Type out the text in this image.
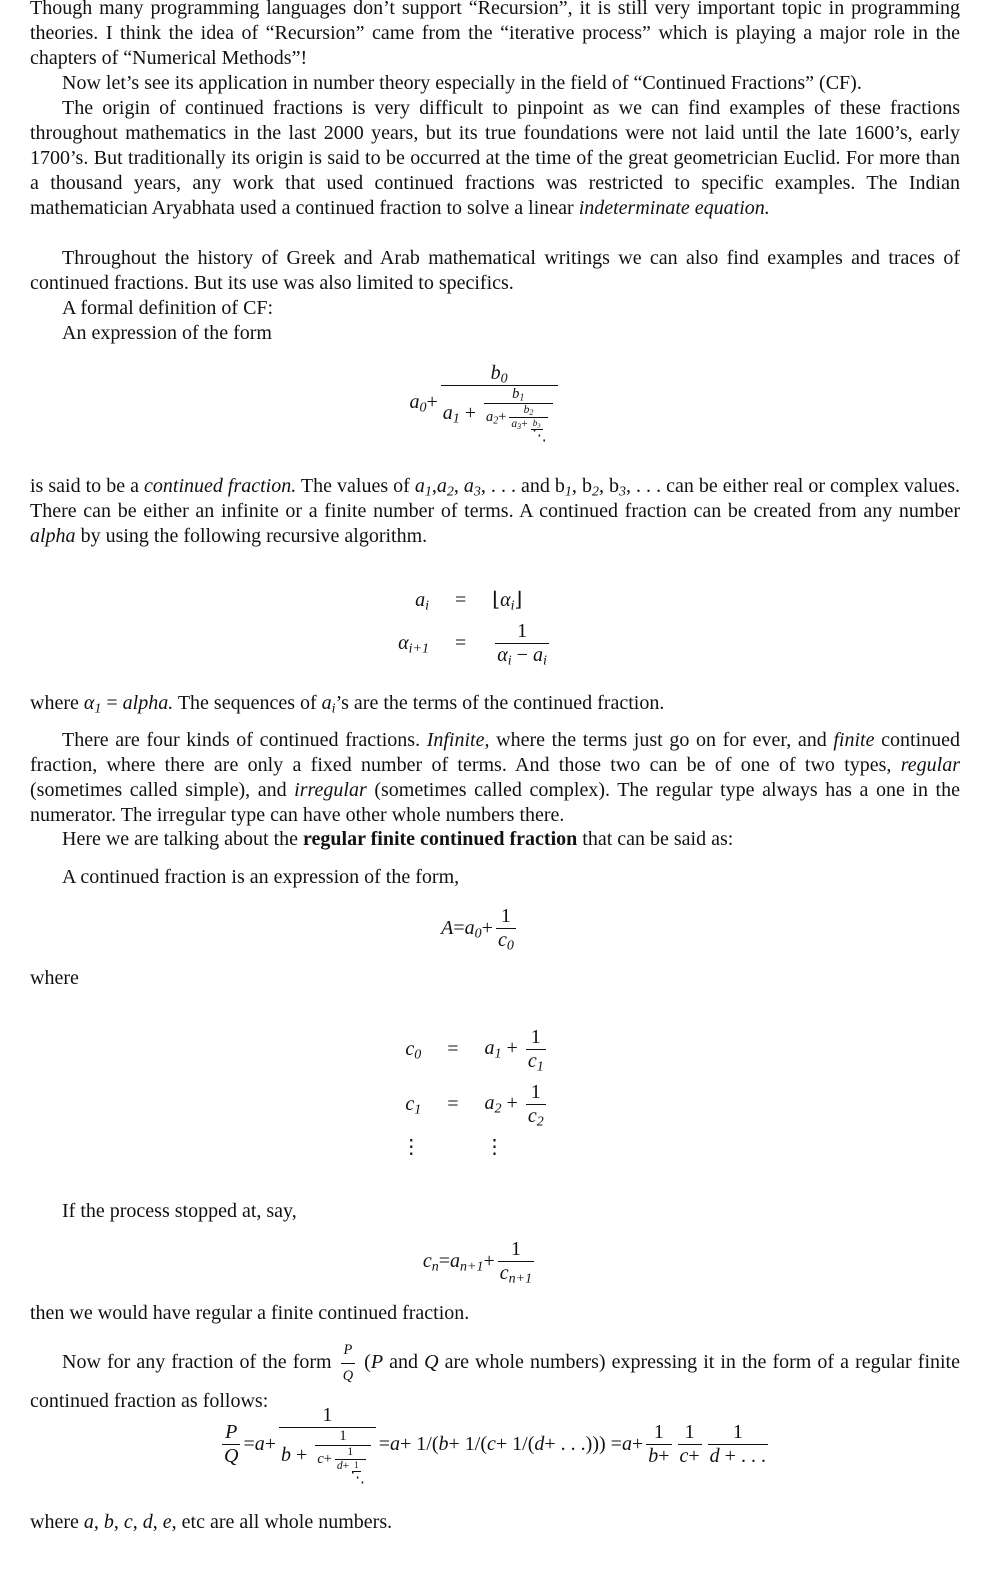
Though many programming languages don’t support “Recursion”, it is still very important topic in programming theories. I think the idea of “Recursion” came from the “iterative process” which is playing a major role in the chapters of “Numerical Methods”!
Now let’s see its application in number theory especially in the field of “Continued Fractions” (CF).
The origin of continued fractions is very difficult to pinpoint as we can find examples of these fractions throughout mathematics in the last 2000 years, but its true foundations were not laid until the late 1600’s, early 1700’s. But traditionally its origin is said to be occurred at the time of the great geometrician Euclid. For more than a thousand years, any work that used continued fractions was restricted to specific examples. The Indian mathematician Aryabhata used a continued fraction to solve a linear indeterminate equation.
Throughout the history of Greek and Arab mathematical writings we can also find examples and traces of continued fractions. But its use was also limited to specifics.
A formal definition of CF:
An expression of the form
$a_0 + b_0$
$a_1$ +
$b_1$
$a_2+ \frac{b_2}{a_3+ b_3}$
⋱
is said to be a continued fraction. The values of $a_1,a_2$, $a_3$, . . . and $b_1$, $b_2$, $b_3$, . . . can be either real or complex values. There can be either an infinite or a finite number of terms. A continued fraction can be created from any number alpha by using the following recursive algorithm.
$a_i$	=	$⌊\alpha_i⌋$
$\alpha_{i+1}$	=	$\frac{1}{\alpha_i - a_i}$
where $\alpha_1$ = alpha. The sequences of $a_i’s$ are the terms of the continued fraction.
There are four kinds of continued fractions. Infinite, where the terms just go on for ever, and finite continued fraction, where there are only a fixed number of terms. And those two can be of one of two types, regular (sometimes called simple), and irregular (sometimes called complex). The regular type always has a one in the numerator. The irregular type can have other whole numbers there.
Here we are talking about the regular finite continued fraction that can be said as:
A continued fraction is an expression of the form,
$A = a_0 + \frac{1}{c_0}$
where
$c_0$	=	$a_1 + \frac{1}{c_1}$

$c_1$	=	$a_2 + \frac{1}{c_2}$

⋮		⋮
If the process stopped at, say,
$c_n = a_{n+1} + \frac{1}{c_{n+1}}$
then we would have regular a finite continued fraction.
Now for any fraction of the form $\frac{P}{Q} (P$ and Q are whole numbers) expressing it in the form of a regular finite continued fraction as follows:
$\frac{P}{Q} = a + 1$
b +
1
$c+ \frac{1}{d+ 1}$
⋱ = a + 1/( b + 1/( c + 1/( d + . . .))) = $a + \frac{1}{b+} \frac{1}{c+} \frac{1}{d + . . .}$
where a, b, c, d, e, etc are all whole numbers.
